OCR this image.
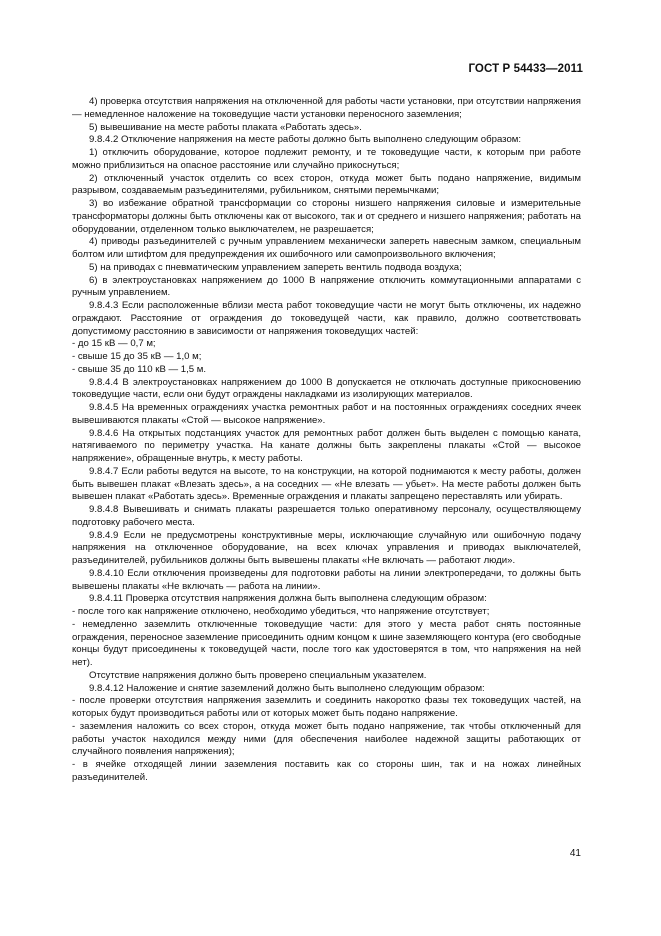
ГОСТ Р 54433—2011

4) проверка отсутствия напряжения на отключенной для работы части установки, при отсутствии напряжения — немедленное наложение на токоведущие части установки переносного заземления;

5) вывешивание на месте работы плаката «Работать здесь».

9.8.4.2 Отключение напряжения на месте работы должно быть выполнено следующим образом:

1) отключить оборудование, которое подлежит ремонту, и те токоведущие части, к которым при работе можно приблизиться на опасное расстояние или случайно прикоснуться;

2) отключенный участок отделить со всех сторон, откуда может быть подано напряжение, видимым разрывом, создаваемым разъединителями, рубильником, снятыми перемычками;

3) во избежание обратной трансформации со стороны низшего напряжения силовые и измерительные трансформаторы должны быть отключены как от высокого, так и от среднего и низшего напряжения; работать на оборудовании, отделенном только выключателем, не разрешается;

4) приводы разъединителей с ручным управлением механически запереть навесным замком, специальным болтом или штифтом для предупреждения их ошибочного или самопроизвольного включения;

5) на приводах с пневматическим управлением запереть вентиль подвода воздуха;

6) в электроустановках напряжением до 1000 В напряжение отключить коммутационными аппаратами с ручным управлением.

9.8.4.3 Если расположенные вблизи места работ токоведущие части не могут быть отключены, их надежно ограждают. Расстояние от ограждения до токоведущей части, как правило, должно соответствовать допустимому расстоянию в зависимости от напряжения токоведущих частей:

- до 15 кВ — 0,7 м;

- свыше 15 до 35 кВ — 1,0 м;

- свыше 35 до 110 кВ — 1,5 м.

9.8.4.4 В электроустановках напряжением до 1000 В допускается не отключать доступные прикосновению токоведущие части, если они будут ограждены накладками из изолирующих материалов.

9.8.4.5 На временных ограждениях участка ремонтных работ и на постоянных ограждениях соседних ячеек вывешиваются плакаты «Стой — высокое напряжение».

9.8.4.6 На открытых подстанциях участок для ремонтных работ должен быть выделен с помощью каната, натягиваемого по периметру участка. На канате должны быть закреплены плакаты «Стой — высокое напряжение», обращенные внутрь, к месту работы.

9.8.4.7 Если работы ведутся на высоте, то на конструкции, на которой поднимаются к месту работы, должен быть вывешен плакат «Влезать здесь», а на соседних — «Не влезать — убьет». На месте работы должен быть вывешен плакат «Работать здесь». Временные ограждения и плакаты запрещено переставлять или убирать.

9.8.4.8 Вывешивать и снимать плакаты разрешается только оперативному персоналу, осуществляющему подготовку рабочего места.

9.8.4.9 Если не предусмотрены конструктивные меры, исключающие случайную или ошибочную подачу напряжения на отключенное оборудование, на всех ключах управления и приводах выключателей, разъединителей, рубильников должны быть вывешены плакаты «Не включать — работают люди».

9.8.4.10 Если отключения произведены для подготовки работы на линии электропередачи, то должны быть вывешены плакаты «Не включать — работа на линии».

9.8.4.11 Проверка отсутствия напряжения должна быть выполнена следующим образом:

- после того как напряжение отключено, необходимо убедиться, что напряжение отсутствует;

- немедленно заземлить отключенные токоведущие части: для этого у места работ снять постоянные ограждения, переносное заземление присоединить одним концом к шине заземляющего контура (его свободные концы будут присоединены к токоведущей части, после того как удостоверятся в том, что напряжения на ней нет).

Отсутствие напряжения должно быть проверено специальным указателем.

9.8.4.12 Наложение и снятие заземлений должно быть выполнено следующим образом:

- после проверки отсутствия напряжения заземлить и соединить накоротко фазы тех токоведущих частей, на которых будут производиться работы или от которых может быть подано напряжение.

- заземления наложить со всех сторон, откуда может быть подано напряжение, так чтобы отключенный для работы участок находился между ними (для обеспечения наиболее надежной защиты работающих от случайного появления напряжения);

- в ячейке отходящей линии заземления поставить как со стороны шин, так и на ножах линейных разъединителей.

41
